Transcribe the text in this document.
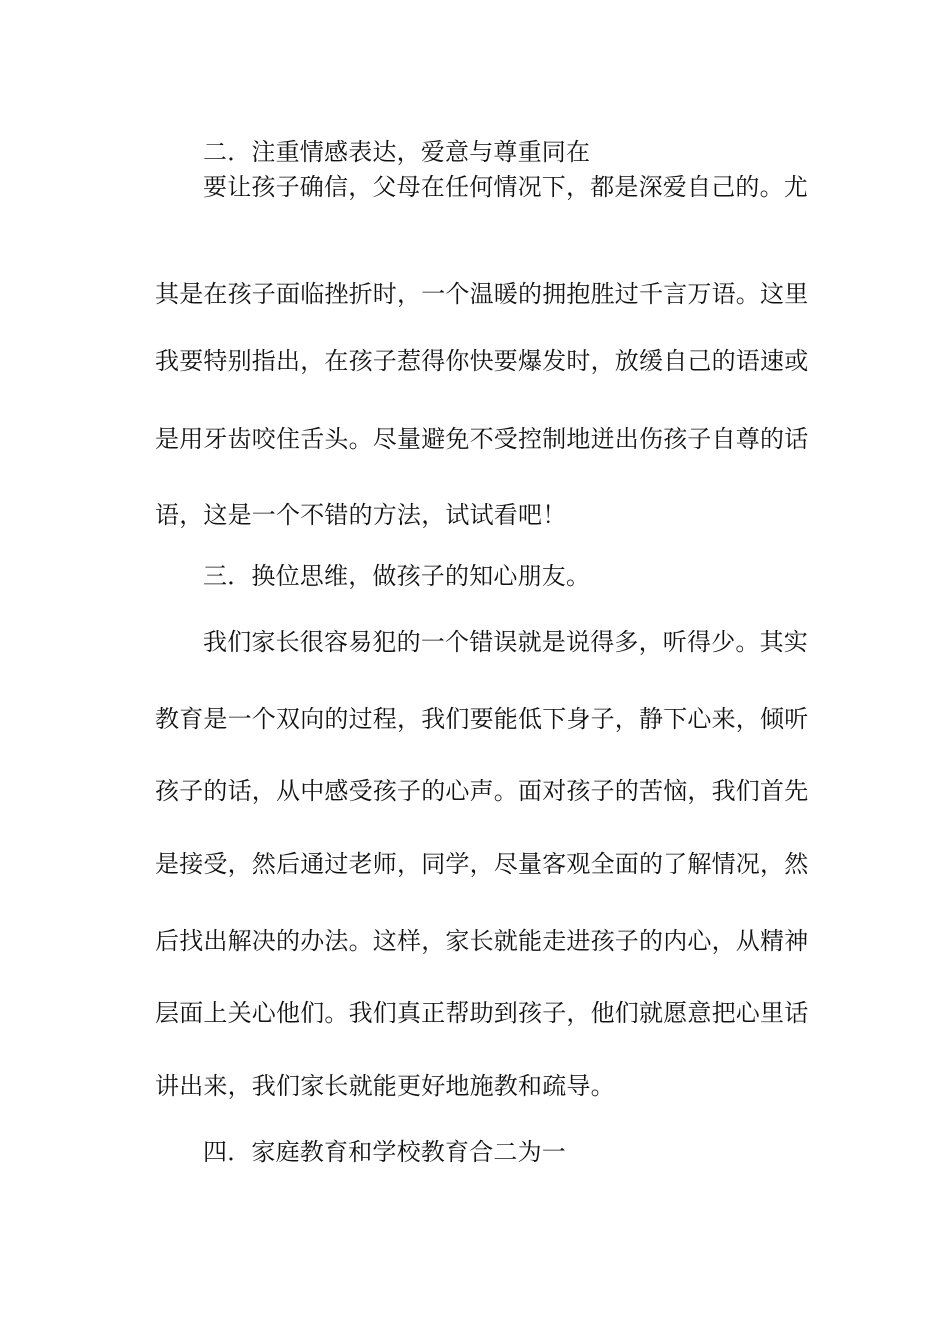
二．注重情感表达，爱意与尊重同在
要让孩子确信，父母在任何情况下，都是深爱自己的。尤
其是在孩子面临挫折时，一个温暖的拥抱胜过千言万语。这里
我要特别指出，在孩子惹得你快要爆发时，放缓自己的语速或
是用牙齿咬住舌头。尽量避免不受控制地迸出伤孩子自尊的话
语，这是一个不错的方法，试试看吧！
三．换位思维，做孩子的知心朋友。
我们家长很容易犯的一个错误就是说得多，听得少。其实
教育是一个双向的过程，我们要能低下身子，静下心来，倾听
孩子的话，从中感受孩子的心声。面对孩子的苦恼，我们首先
是接受，然后通过老师，同学，尽量客观全面的了解情况，然
后找出解决的办法。这样，家长就能走进孩子的内心，从精神
层面上关心他们。我们真正帮助到孩子，他们就愿意把心里话
讲出来，我们家长就能更好地施教和疏导。
四．家庭教育和学校教育合二为一
